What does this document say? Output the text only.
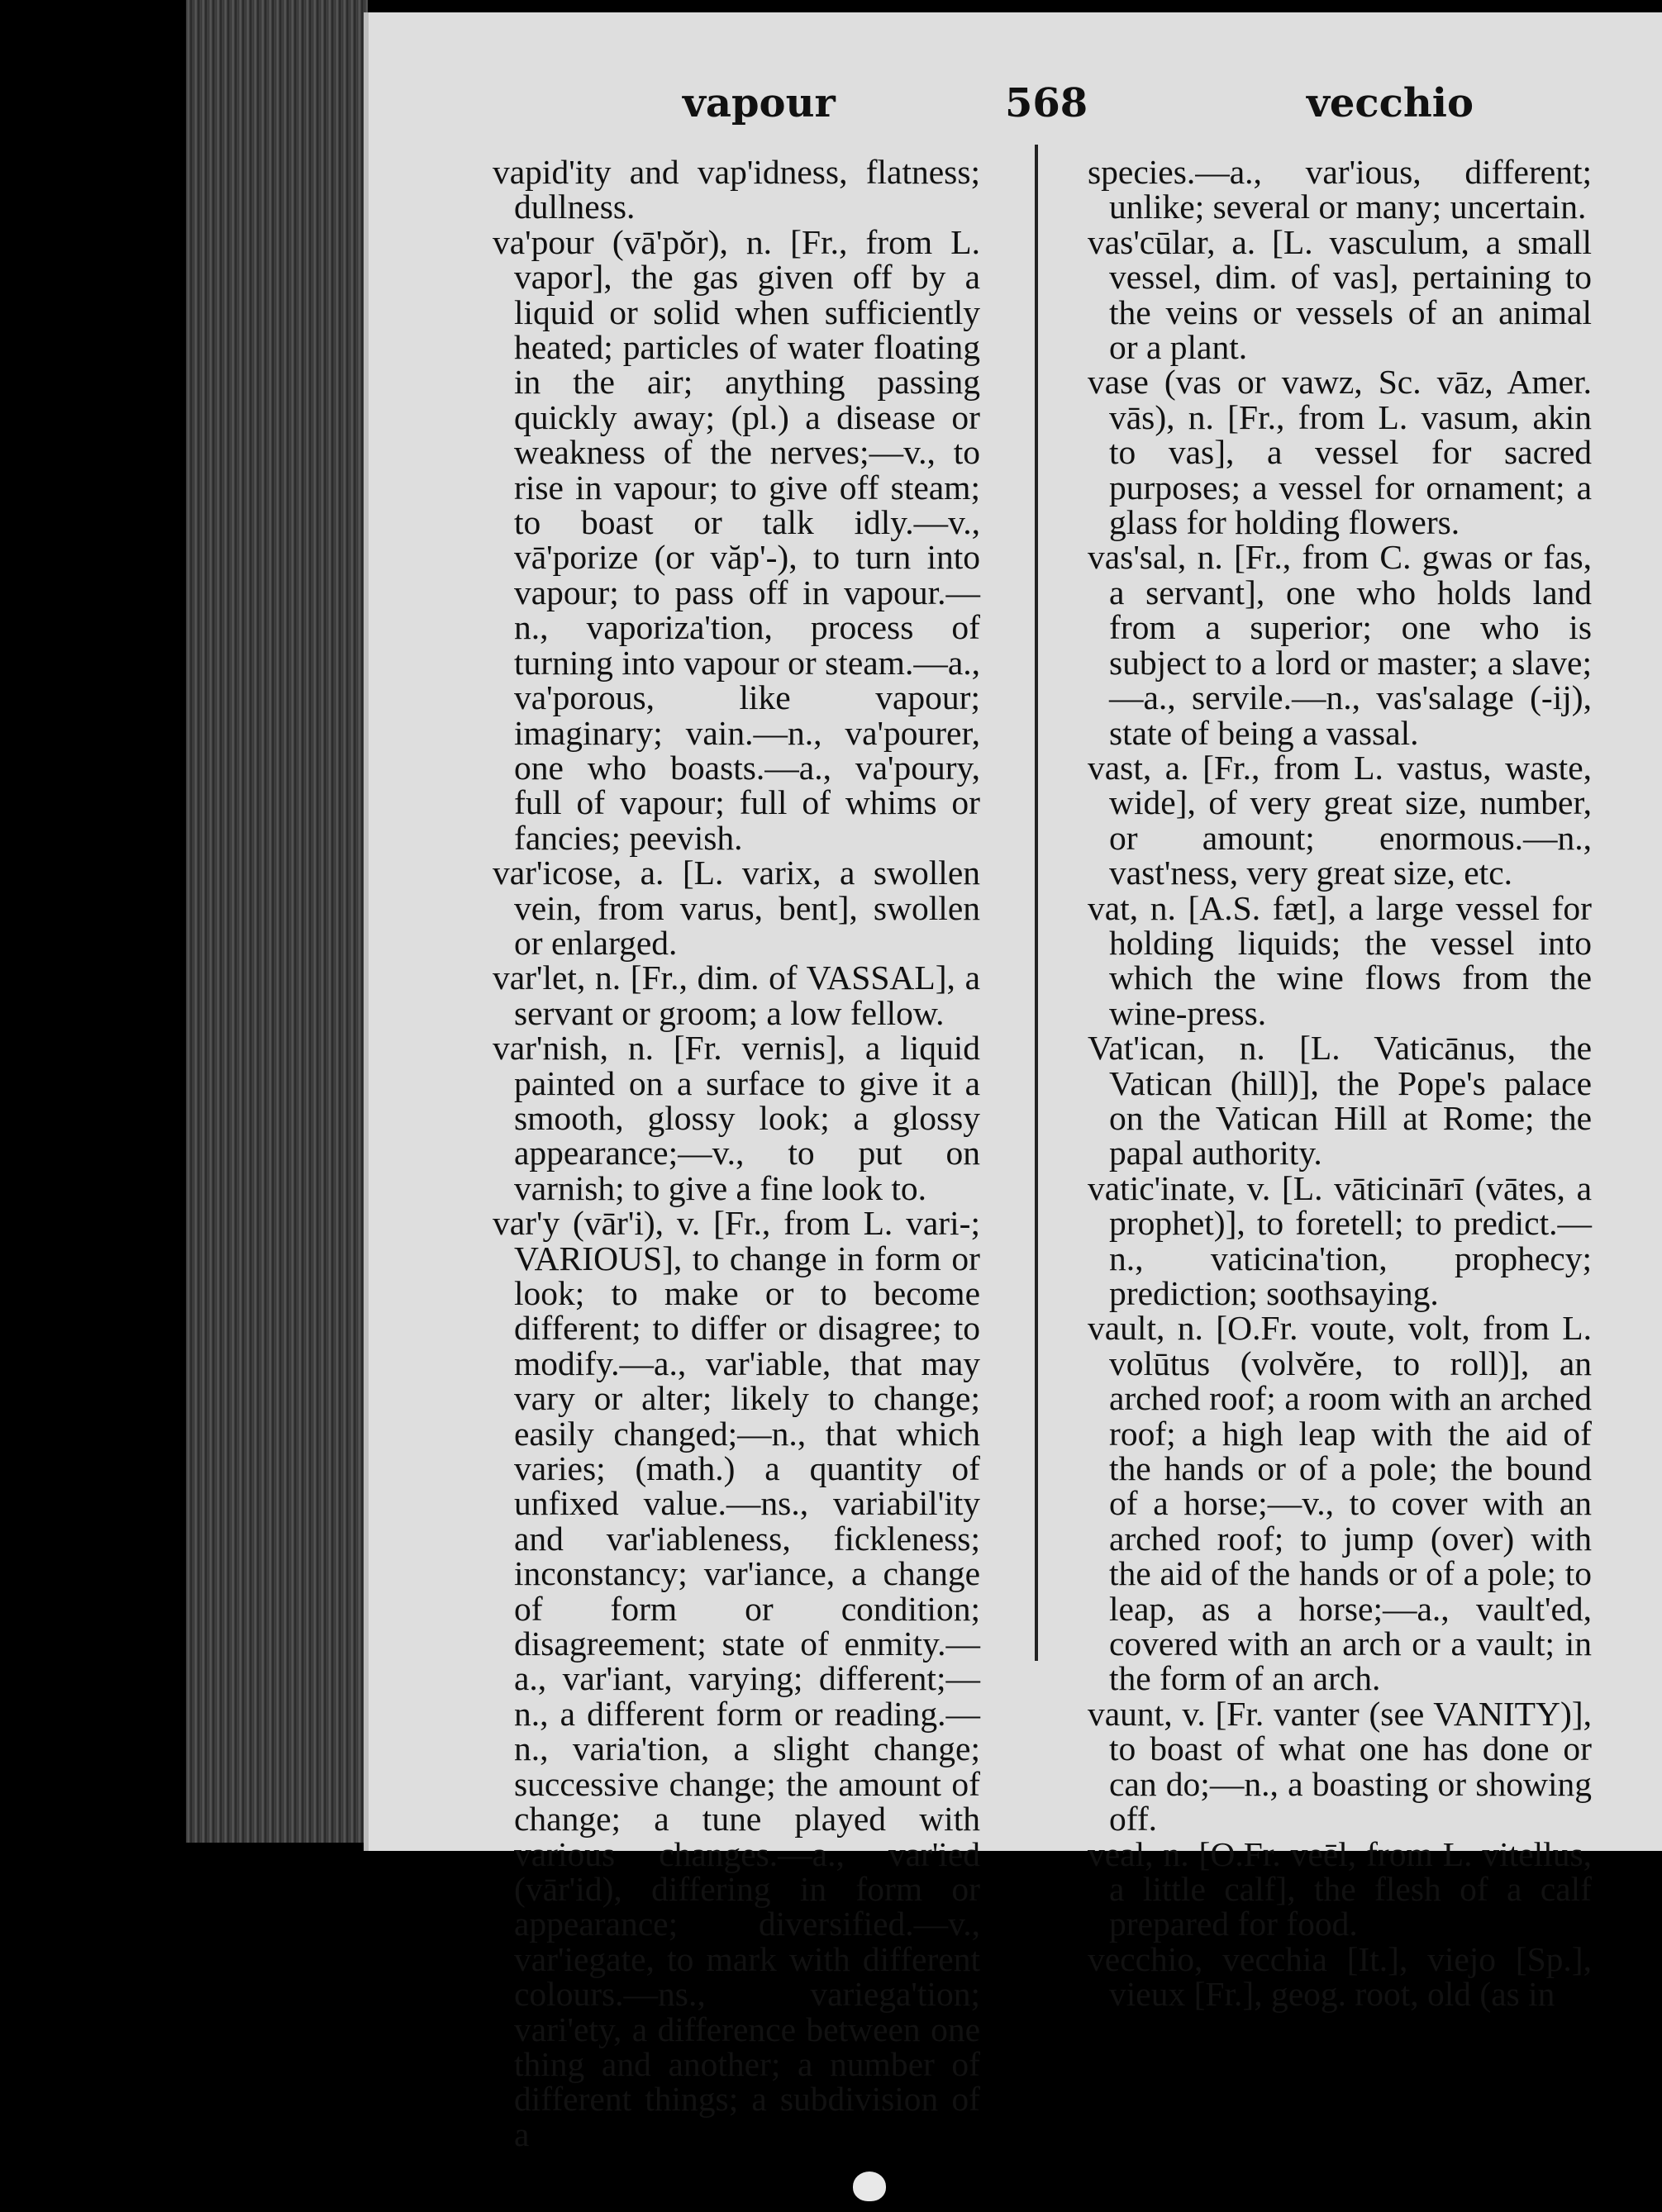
vapour	568	vecchio

vapid'ity and vap'idness, flatness; dullness.

va'pour (vā'pŏr), n. [Fr., from L. vapor], the gas given off by a liquid or solid when sufficiently heated; particles of water floating in the air; anything passing quickly away; (pl.) a disease or weakness of the nerves;—v., to rise in vapour; to give off steam; to boast or talk idly.—v., vā'porize (or văp'-), to turn into vapour; to pass off in vapour.—n., vaporiza'tion, process of turning into vapour or steam.—a., va'porous, like vapour; imaginary; vain.—n., va'pourer, one who boasts.—a., va'poury, full of vapour; full of whims or fancies; peevish.

var'icose, a. [L. varix, a swollen vein, from varus, bent], swollen or enlarged.

var'let, n. [Fr., dim. of VASSAL], a servant or groom; a low fellow.

var'nish, n. [Fr. vernis], a liquid painted on a surface to give it a smooth, glossy look; a glossy appearance;—v., to put on varnish; to give a fine look to.

var'y (vār'i), v. [Fr., from L. vari-; VARIOUS], to change in form or look; to make or to become different; to differ or disagree; to modify.—a., var'iable, that may vary or alter; likely to change; easily changed;—n., that which varies; (math.) a quantity of unfixed value.—ns., variabil'ity and var'iableness, fickleness; inconstancy; var'iance, a change of form or condition; disagreement; state of enmity.—a., var'iant, varying; different;—n., a different form or reading.—n., varia'tion, a slight change; successive change; the amount of change; a tune played with various changes.—a., var'ied (vār'id), differing in form or appearance; diversified.—v., var'iegate, to mark with different colours.—ns., variega'tion; vari'ety, a difference between one thing and another; a number of different things; a subdivision of a

species.—a., var'ious, different; unlike; several or many; uncertain.

vas'cūlar, a. [L. vasculum, a small vessel, dim. of vas], pertaining to the veins or vessels of an animal or a plant.

vase (vas or vawz, Sc. vāz, Amer. vās), n. [Fr., from L. vasum, akin to vas], a vessel for sacred purposes; a vessel for ornament; a glass for holding flowers.

vas'sal, n. [Fr., from C. gwas or fas, a servant], one who holds land from a superior; one who is subject to a lord or master; a slave;—a., servile.—n., vas'salage (-ij), state of being a vassal.

vast, a. [Fr., from L. vastus, waste, wide], of very great size, number, or amount; enormous.—n., vast'ness, very great size, etc.

vat, n. [A.S. fæt], a large vessel for holding liquids; the vessel into which the wine flows from the wine-press.

Vat'ican, n. [L. Vaticānus, the Vatican (hill)], the Pope's palace on the Vatican Hill at Rome; the papal authority.

vatic'inate, v. [L. vāticinārī (vātes, a prophet)], to foretell; to predict.—n., vaticina'tion, prophecy; prediction; soothsaying.

vault, n. [O.Fr. voute, volt, from L. volūtus (volvĕre, to roll)], an arched roof; a room with an arched roof; a high leap with the aid of the hands or of a pole; the bound of a horse;—v., to cover with an arched roof; to jump (over) with the aid of the hands or of a pole; to leap, as a horse;—a., vault'ed, covered with an arch or a vault; in the form of an arch.

vaunt, v. [Fr. vanter (see VANITY)], to boast of what one has done or can do;—n., a boasting or showing off.

veal, n. [O.Fr. veēl, from L. vitellus, a little calf], the flesh of a calf prepared for food.

vecchio, vecchia [It.], viejo [Sp.], vieux [Fr.], geog. root, old (as in
